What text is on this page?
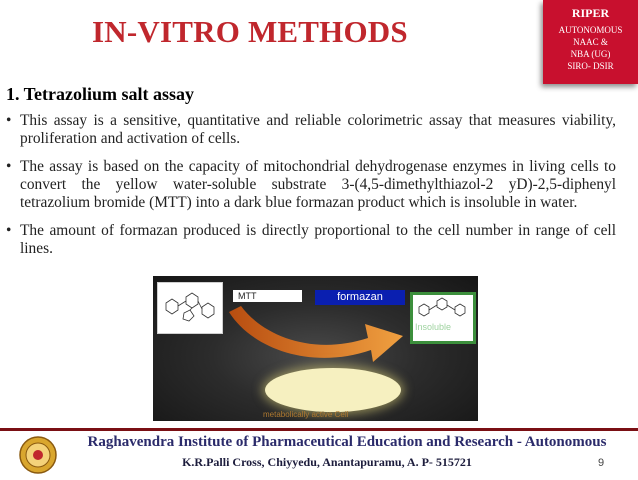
IN-VITRO METHODS
RIPER
AUTONOMOUS
NAAC &
NBA (UG)
SIRO- DSIR
1. Tetrazolium salt assay
• This assay is a sensitive, quantitative and reliable colorimetric assay that measures viability, proliferation and activation of cells.
• The assay is based on the capacity of mitochondrial dehydrogenase enzymes in living cells to convert the yellow water-soluble substrate 3-(4,5-dimethylthiazol-2 yD)-2,5-diphenyl tetrazolium bromide (MTT) into a dark blue formazan product which is insoluble in water.
• The amount of formazan produced is directly proportional to the cell number in range of cell lines.
MTT	formazan
Insoluble
metabolically active Cell
Raghavendra Institute of Pharmaceutical Education and Research - Autonomous
K.R.Palli Cross, Chiyyedu, Anantapuramu, A. P- 515721	9
